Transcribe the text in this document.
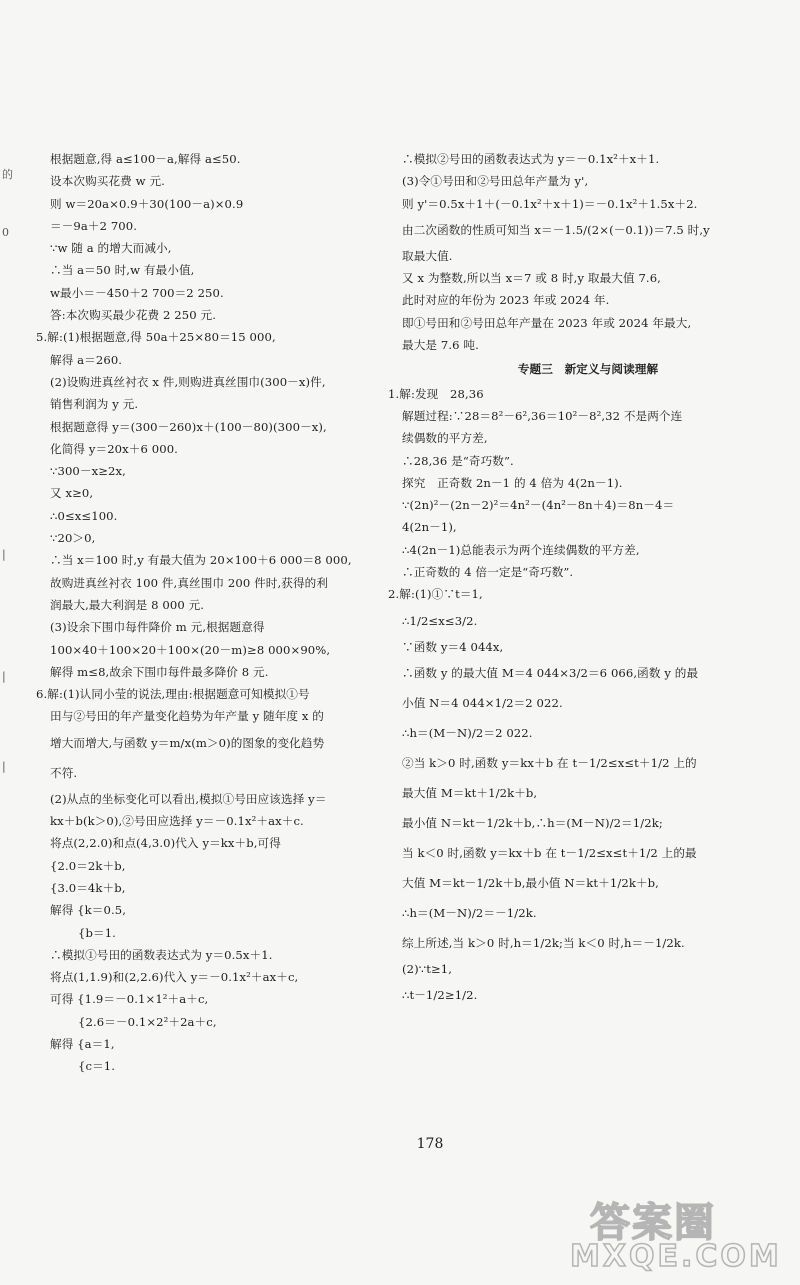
的
0
|
|
|
根据题意,得 a≤100－a,解得 a≤50.
设本次购买花费 w 元.
则 w＝20a×0.9＋30(100－a)×0.9
＝－9a＋2 700.
∵w 随 a 的增大而减小,
∴当 a＝50 时,w 有最小值,
w最小＝－450＋2 700＝2 250.
答:本次购买最少花费 2 250 元.
5.解:(1)根据题意,得 50a＋25×80＝15 000,
解得 a＝260.
(2)设购进真丝衬衣 x 件,则购进真丝围巾(300－x)件,
销售利润为 y 元.
根据题意得 y＝(300－260)x＋(100－80)(300－x),
化简得 y＝20x＋6 000.
∵300－x≥2x,
又 x≥0,
∴0≤x≤100.
∵20＞0,
∴当 x＝100 时,y 有最大值为 20×100＋6 000＝8 000,
故购进真丝衬衣 100 件,真丝围巾 200 件时,获得的利
润最大,最大利润是 8 000 元.
(3)设余下围巾每件降价 m 元,根据题意得
100×40＋100×20＋100×(20－m)≥8 000×90%,
解得 m≤8,故余下围巾每件最多降价 8 元.
6.解:(1)认同小莹的说法,理由:根据题意可知模拟①号
田与②号田的年产量变化趋势为年产量 y 随年度 x 的
增大而增大,与函数 y＝m/x(m＞0)的图象的变化趋势
不符.
(2)从点的坐标变化可以看出,模拟①号田应该选择 y＝
kx＋b(k＞0),②号田应选择 y＝－0.1x²＋ax＋c.
将点(2,2.0)和点(4,3.0)代入 y＝kx＋b,可得
{2.0＝2k＋b,
{3.0＝4k＋b,
解得 {k＝0.5,
{b＝1.
∴模拟①号田的函数表达式为 y＝0.5x＋1.
将点(1,1.9)和(2,2.6)代入 y＝－0.1x²＋ax＋c,
可得 {1.9＝－0.1×1²＋a＋c,
{2.6＝－0.1×2²＋2a＋c,
解得 {a＝1,
{c＝1.
∴模拟②号田的函数表达式为 y＝－0.1x²＋x＋1.
(3)令①号田和②号田总年产量为 y',
则 y'＝0.5x＋1＋(－0.1x²＋x＋1)＝－0.1x²＋1.5x＋2.
由二次函数的性质可知当 x＝－1.5/(2×(－0.1))＝7.5 时,y
取最大值.
又 x 为整数,所以当 x＝7 或 8 时,y 取最大值 7.6,
此时对应的年份为 2023 年或 2024 年.
即①号田和②号田总年产量在 2023 年或 2024 年最大,
最大是 7.6 吨.
专题三　新定义与阅读理解
1.解:发现　28,36
解题过程:∵28＝8²－6²,36＝10²－8²,32 不是两个连
续偶数的平方差,
∴28,36 是“奇巧数”.
探究　正奇数 2n－1 的 4 倍为 4(2n－1).
∵(2n)²－(2n－2)²＝4n²－(4n²－8n＋4)＝8n－4＝
4(2n－1),
∴4(2n－1)总能表示为两个连续偶数的平方差,
∴正奇数的 4 倍一定是“奇巧数”.
2.解:(1)①∵t＝1,
∴1/2≤x≤3/2.
∵函数 y＝4 044x,
∴函数 y 的最大值 M＝4 044×3/2＝6 066,函数 y 的最
小值 N＝4 044×1/2＝2 022.
∴h＝(M－N)/2＝2 022.
②当 k＞0 时,函数 y＝kx＋b 在 t－1/2≤x≤t＋1/2 上的
最大值 M＝kt＋1/2k＋b,
最小值 N＝kt－1/2k＋b,∴h＝(M－N)/2＝1/2k;
当 k＜0 时,函数 y＝kx＋b 在 t－1/2≤x≤t＋1/2 上的最
大值 M＝kt－1/2k＋b,最小值 N＝kt＋1/2k＋b,
∴h＝(M－N)/2＝－1/2k.
综上所述,当 k＞0 时,h＝1/2k;当 k＜0 时,h＝－1/2k.
(2)∵t≥1,
∴t－1/2≥1/2.
178
答案圈
MXQE.COM
